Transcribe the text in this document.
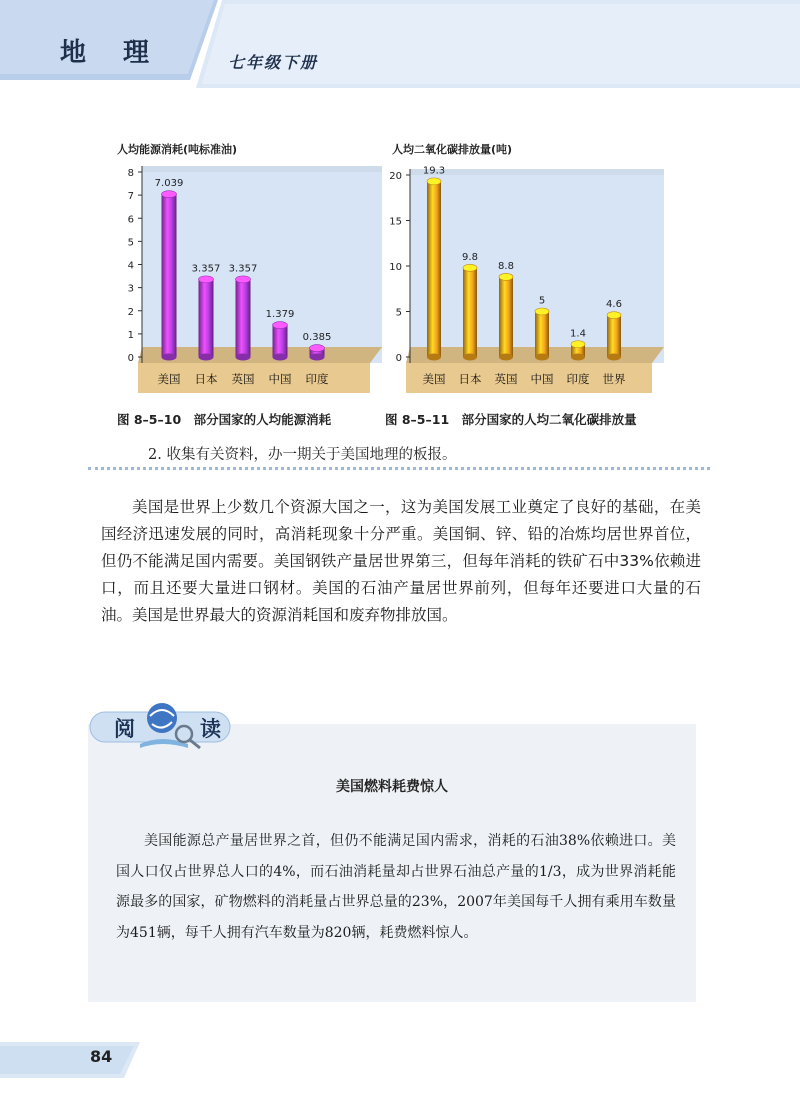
地 理	七年级下册
人均能源消耗(吨标准油)
0
1
2
3
4
5
6
7
8
7.039
美国
3.357
日本
3.357
英国
1.379
中国
0.385
印度
图 8–5–10　部分国家的人均能源消耗
人均二氧化碳排放量(吨)
0
5
10
15
20
19.3
美国
9.8
日本
8.8
英国
5
中国
1.4
印度
4.6
世界
图 8–5–11　部分国家的人均二氧化碳排放量
2. 收集有关资料，办一期关于美国地理的板报。

美国是世界上少数几个资源大国之一，这为美国发展工业奠定了良好的基础，在美国经济迅速发展的同时，高消耗现象十分严重。美国铜、锌、铅的冶炼均居世界首位，但仍不能满足国内需要。美国钢铁产量居世界第三，但每年消耗的铁矿石中33%依赖进口，而且还要大量进口钢材。美国的石油产量居世界前列，但每年还要进口大量的石油。美国是世界最大的资源消耗国和废弃物排放国。

阅	读
美国燃料耗费惊人

美国能源总产量居世界之首，但仍不能满足国内需求，消耗的石油38%依赖进口。美国人口仅占世界总人口的4%，而石油消耗量却占世界石油总产量的1/3，成为世界消耗能源最多的国家，矿物燃料的消耗量占世界总量的23%，2007年美国每千人拥有乘用车数量为451辆，每千人拥有汽车数量为820辆，耗费燃料惊人。

84
